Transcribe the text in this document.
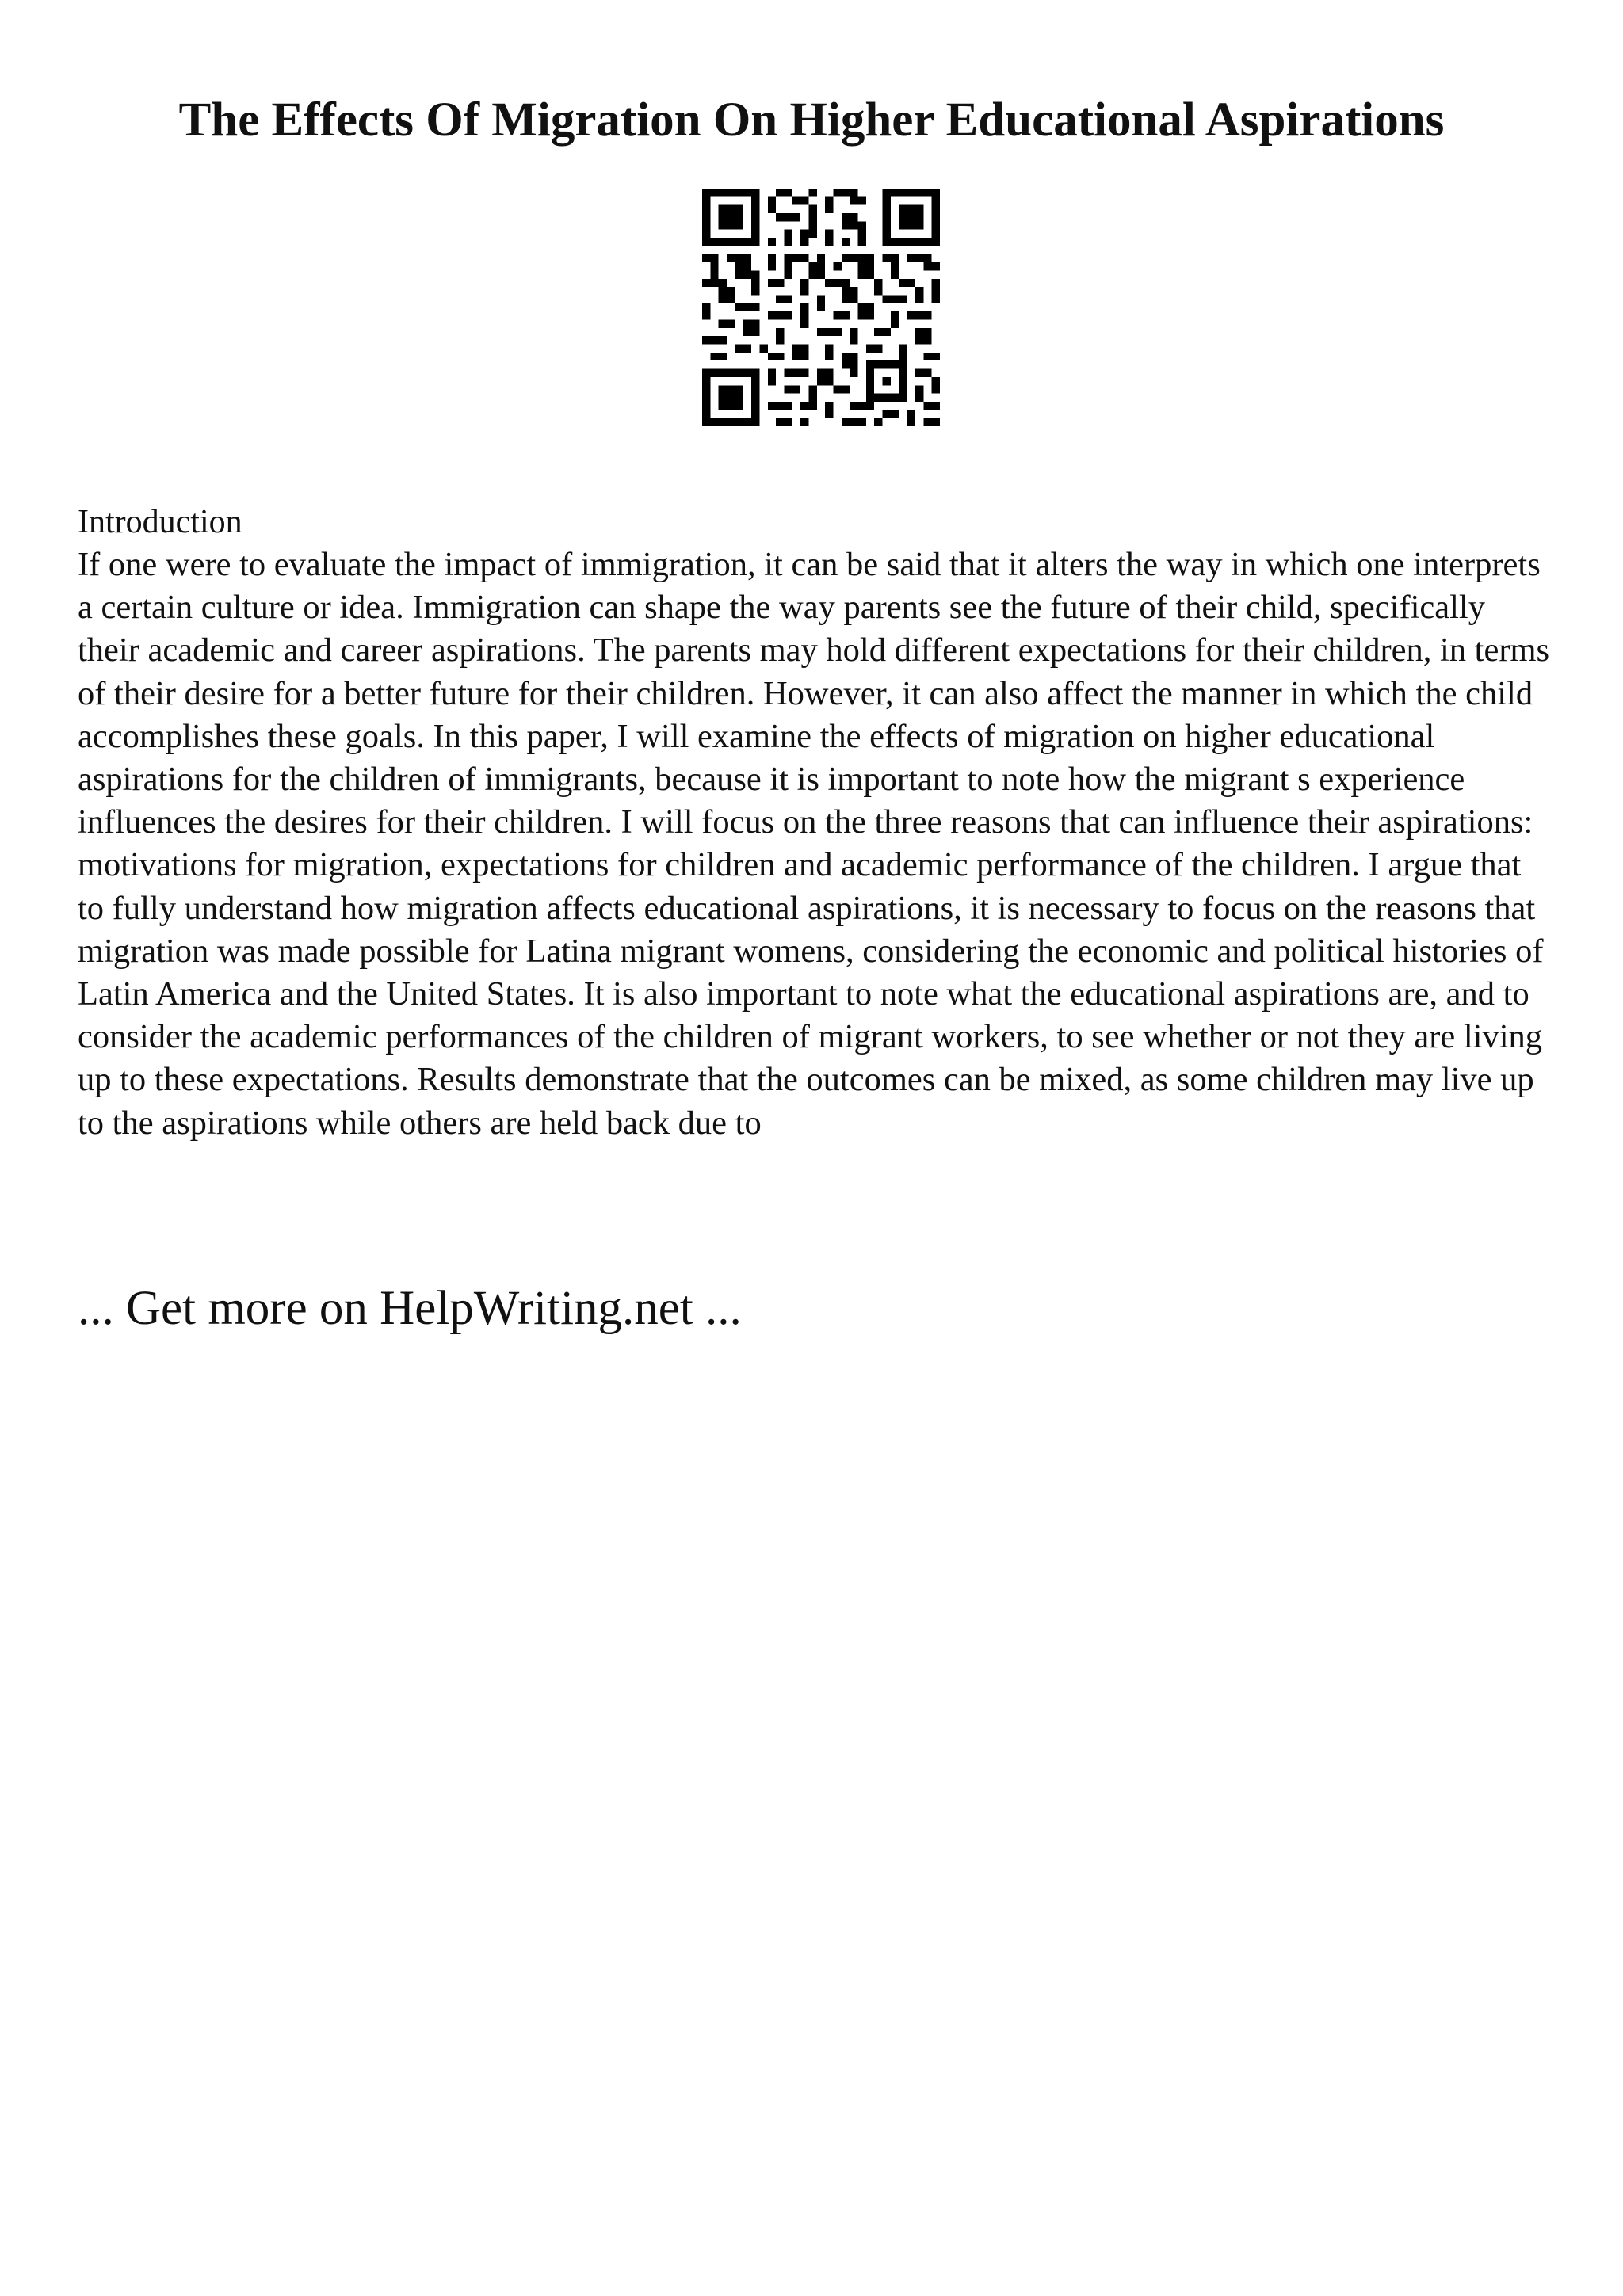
The Effects Of Migration On Higher Educational Aspirations

Introduction

If one were to evaluate the impact of immigration, it can be said that it alters the way in which one interprets a certain culture or idea. Immigration can shape the way parents see the future of their child, specifically their academic and career aspirations. The parents may hold different expectations for their children, in terms of their desire for a better future for their children. However, it can also affect the manner in which the child accomplishes these goals. In this paper, I will examine the effects of migration on higher educational aspirations for the children of immigrants, because it is important to note how the migrant s experience influences the desires for their children. I will focus on the three reasons that can influence their aspirations: motivations for migration, expectations for children and academic performance of the children. I argue that to fully understand how migration affects educational aspirations, it is necessary to focus on the reasons that migration was made possible for Latina migrant womens, considering the economic and political histories of Latin America and the United States. It is also important to note what the educational aspirations are, and to consider the academic performances of the children of migrant workers, to see whether or not they are living up to these expectations. Results demonstrate that the outcomes can be mixed, as some children may live up to the aspirations while others are held back due to

... Get more on HelpWriting.net ...
